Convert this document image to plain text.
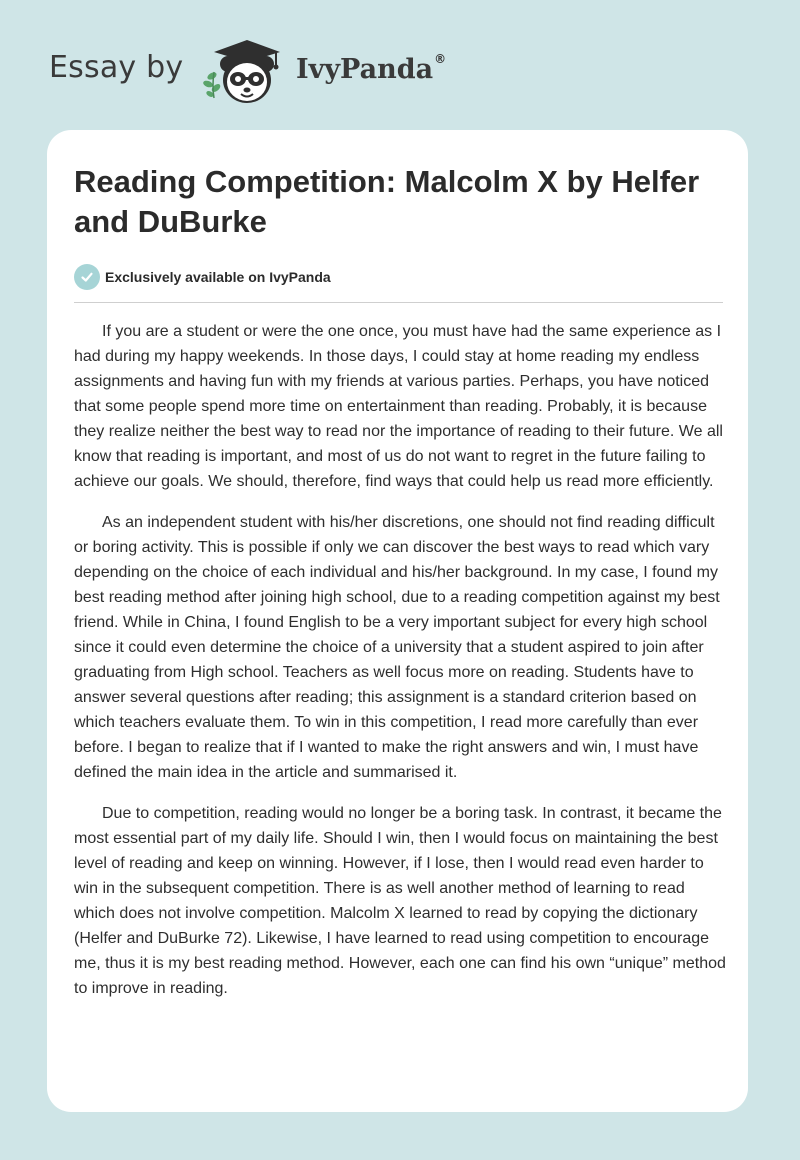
Essay by	IvyPanda®
Reading Competition: Malcolm X by Helfer and DuBurke
Exclusively available on IvyPanda

If you are a student or were the one once, you must have had the same experience as I had during my happy weekends. In those days, I could stay at home reading my endless assignments and having fun with my friends at various parties. Perhaps, you have noticed that some people spend more time on entertainment than reading. Probably, it is because they realize neither the best way to read nor the importance of reading to their future. We all know that reading is important, and most of us do not want to regret in the future failing to achieve our goals. We should, therefore, find ways that could help us read more efficiently.

As an independent student with his/her discretions, one should not find reading difficult or boring activity. This is possible if only we can discover the best ways to read which vary depending on the choice of each individual and his/her background. In my case, I found my best reading method after joining high school, due to a reading competition against my best friend. While in China, I found English to be a very important subject for every high school since it could even determine the choice of a university that a student aspired to join after graduating from High school. Teachers as well focus more on reading. Students have to answer several questions after reading; this assignment is a standard criterion based on which teachers evaluate them. To win in this competition, I read more carefully than ever before. I began to realize that if I wanted to make the right answers and win, I must have defined the main idea in the article and summarised it.

Due to competition, reading would no longer be a boring task. In contrast, it became the most essential part of my daily life. Should I win, then I would focus on maintaining the best level of reading and keep on winning. However, if I lose, then I would read even harder to win in the subsequent competition. There is as well another method of learning to read which does not involve competition. Malcolm X learned to read by copying the dictionary (Helfer and DuBurke 72). Likewise, I have learned to read using competition to encourage me, thus it is my best reading method. However, each one can find his own “unique” method to improve in reading.
